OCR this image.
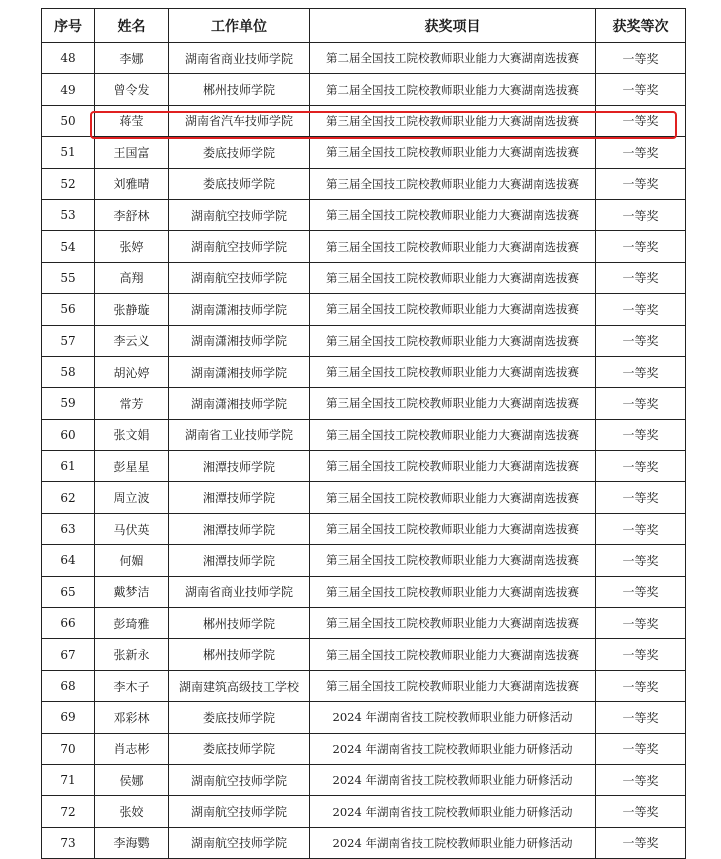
序号	姓名	工作单位	获奖项目	获奖等次
48	李娜	湖南省商业技师学院	第二届全国技工院校教师职业能力大赛湖南选拔赛	一等奖
49	曾令发	郴州技师学院	第二届全国技工院校教师职业能力大赛湖南选拔赛	一等奖
50	蒋莹	湖南省汽车技师学院	第三届全国技工院校教师职业能力大赛湖南选拔赛	一等奖
51	王国富	娄底技师学院	第三届全国技工院校教师职业能力大赛湖南选拔赛	一等奖
52	刘雅晴	娄底技师学院	第三届全国技工院校教师职业能力大赛湖南选拔赛	一等奖
53	李舒林	湖南航空技师学院	第三届全国技工院校教师职业能力大赛湖南选拔赛	一等奖
54	张婷	湖南航空技师学院	第三届全国技工院校教师职业能力大赛湖南选拔赛	一等奖
55	高翔	湖南航空技师学院	第三届全国技工院校教师职业能力大赛湖南选拔赛	一等奖
56	张静璇	湖南潇湘技师学院	第三届全国技工院校教师职业能力大赛湖南选拔赛	一等奖
57	李云义	湖南潇湘技师学院	第三届全国技工院校教师职业能力大赛湖南选拔赛	一等奖
58	胡沁婷	湖南潇湘技师学院	第三届全国技工院校教师职业能力大赛湖南选拔赛	一等奖
59	常芳	湖南潇湘技师学院	第三届全国技工院校教师职业能力大赛湖南选拔赛	一等奖
60	张文娟	湖南省工业技师学院	第三届全国技工院校教师职业能力大赛湖南选拔赛	一等奖
61	彭星星	湘潭技师学院	第三届全国技工院校教师职业能力大赛湖南选拔赛	一等奖
62	周立波	湘潭技师学院	第三届全国技工院校教师职业能力大赛湖南选拔赛	一等奖
63	马伏英	湘潭技师学院	第三届全国技工院校教师职业能力大赛湖南选拔赛	一等奖
64	何媚	湘潭技师学院	第三届全国技工院校教师职业能力大赛湖南选拔赛	一等奖
65	戴梦洁	湖南省商业技师学院	第三届全国技工院校教师职业能力大赛湖南选拔赛	一等奖
66	彭琦雅	郴州技师学院	第三届全国技工院校教师职业能力大赛湖南选拔赛	一等奖
67	张新永	郴州技师学院	第三届全国技工院校教师职业能力大赛湖南选拔赛	一等奖
68	李木子	湖南建筑高级技工学校	第三届全国技工院校教师职业能力大赛湖南选拔赛	一等奖
69	邓彩林	娄底技师学院	2024 年湖南省技工院校教师职业能力研修活动	一等奖
70	肖志彬	娄底技师学院	2024 年湖南省技工院校教师职业能力研修活动	一等奖
71	侯娜	湖南航空技师学院	2024 年湖南省技工院校教师职业能力研修活动	一等奖
72	张姣	湖南航空技师学院	2024 年湖南省技工院校教师职业能力研修活动	一等奖
73	李海鹦	湖南航空技师学院	2024 年湖南省技工院校教师职业能力研修活动	一等奖
